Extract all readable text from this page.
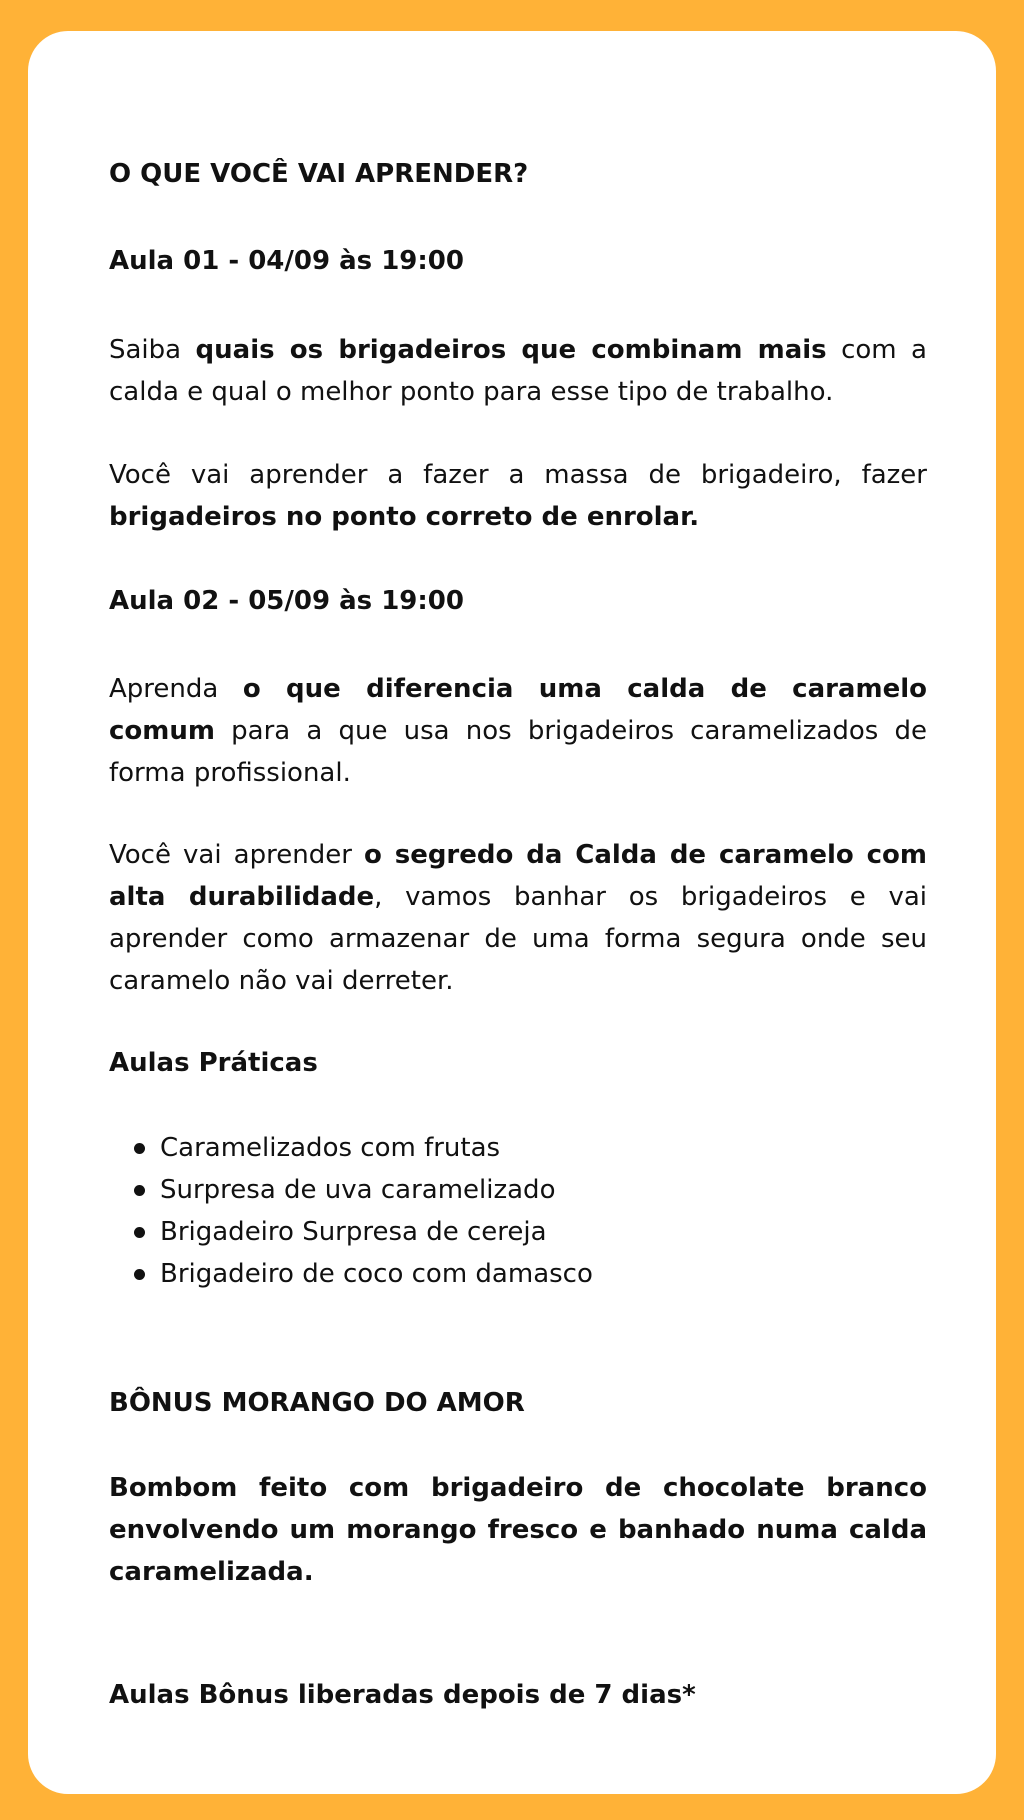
O QUE VOCÊ VAI APRENDER?

Aula 01 - 04/09 às 19:00

Saiba quais os brigadeiros que combinam mais com a calda e qual o melhor ponto para esse tipo de trabalho.

Você vai aprender a fazer a massa de brigadeiro, fazer brigadeiros no ponto correto de enrolar.

Aula 02 - 05/09 às 19:00

Aprenda o que diferencia uma calda de caramelo comum para a que usa nos brigadeiros caramelizados de forma profissional.

Você vai aprender o segredo da Calda de caramelo com alta durabilidade, vamos banhar os brigadeiros e vai aprender como armazenar de uma forma segura onde seu caramelo não vai derreter.

Aulas Práticas

Caramelizados com frutas
Surpresa de uva caramelizado
Brigadeiro Surpresa de cereja
Brigadeiro de coco com damasco

BÔNUS MORANGO DO AMOR

Bombom feito com brigadeiro de chocolate branco envolvendo um morango fresco e banhado numa calda caramelizada.

Aulas Bônus liberadas depois de 7 dias*
